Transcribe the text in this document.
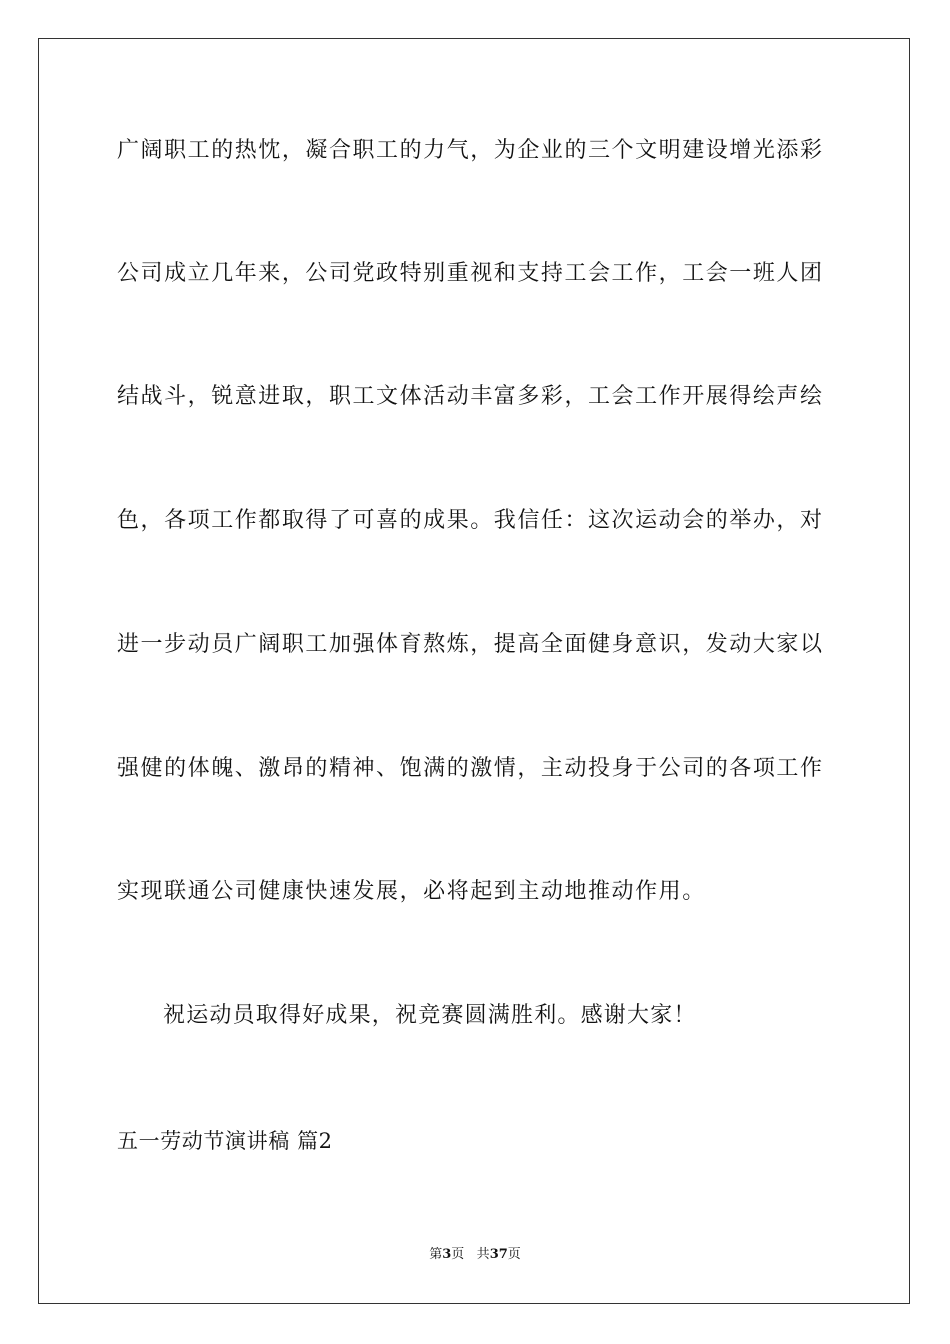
广阔职工的热忱，凝合职工的力气，为企业的三个文明建设增光添彩
公司成立几年来，公司党政特别重视和支持工会工作，工会一班人团
结战斗，锐意进取，职工文体活动丰富多彩，工会工作开展得绘声绘
色，各项工作都取得了可喜的成果。我信任：这次运动会的举办，对
进一步动员广阔职工加强体育熬炼，提高全面健身意识，发动大家以
强健的体魄、激昂的精神、饱满的激情，主动投身于公司的各项工作
实现联通公司健康快速发展，必将起到主动地推动作用。
祝运动员取得好成果，祝竞赛圆满胜利。感谢大家！
五一劳动节演讲稿 篇2
第3页 共37页
